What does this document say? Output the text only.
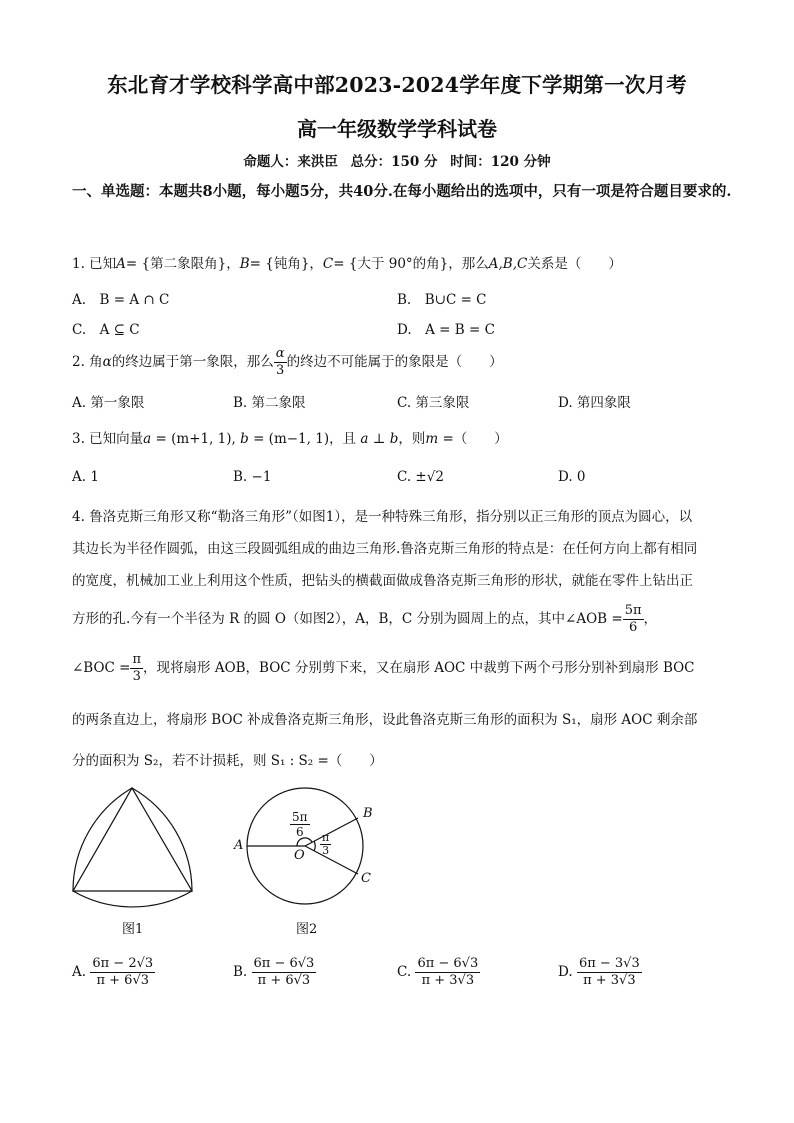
东北育才学校科学高中部2023-2024学年度下学期第一次月考
高一年级数学学科试卷
命题人：来洪臣 总分：150 分 时间：120 分钟
一、单选题：本题共8小题，每小题5分，共40分.在每小题给出的选项中，只有一项是符合题目要求的.
1. 已知A= {第二象限角}，B= {钝角}，C= {大于 90°的角}，那么A,B,C关系是（　　）
A.　B = A ∩ C	B.　B∪C = C
C.　A ⊆ C	D.　A = B = C
2. 角α的终边属于第一象限，那么 $\frac{\alpha}{3}$ 的终边不可能属于的象限是（　　）
A. 第一象限	B. 第二象限	C. 第三象限	D. 第四象限
3. 已知向量a = (m+1, 1), b = (m−1, 1)，且 a ⊥ b，则m =（　　）
A. 1	B. −1	C. ±√2	D. 0
4. 鲁洛克斯三角形又称“勒洛三角形”（如图1），是一种特殊三角形，指分别以正三角形的顶点为圆心，以
其边长为半径作圆弧，由这三段圆弧组成的曲边三角形.鲁洛克斯三角形的特点是：在任何方向上都有相同
的宽度，机械加工业上利用这个性质，把钻头的横截面做成鲁洛克斯三角形的形状，就能在零件上钻出正
方形的孔.今有一个半径为 R 的圆 O（如图2），A，B，C 分别为圆周上的点，其中∠AOB = $\frac{5\pi}{6}$ ，
∠BOC = $\frac{\pi}{3}$ ，现将扇形 AOB，BOC 分别剪下来，又在扇形 AOC 中裁剪下两个弓形分别补到扇形 BOC
的两条直边上，将扇形 BOC 补成鲁洛克斯三角形，设此鲁洛克斯三角形的面积为 S₁，扇形 AOC 剩余部
分的面积为 S₂，若不计损耗，则 S₁ : S₂ =（　　）
图1
A
B
C
O
$\frac{5\pi}{6}$
$\frac{\pi}{3}$
图2
A. $\frac{6\pi - 2√3}{\pi + 6√3}$	B. $\frac{6\pi - 6√3}{\pi + 6√3}$	C. $\frac{6\pi - 6√3}{\pi + 3√3}$	D. $\frac{6\pi - 3√3}{\pi + 3√3}$
